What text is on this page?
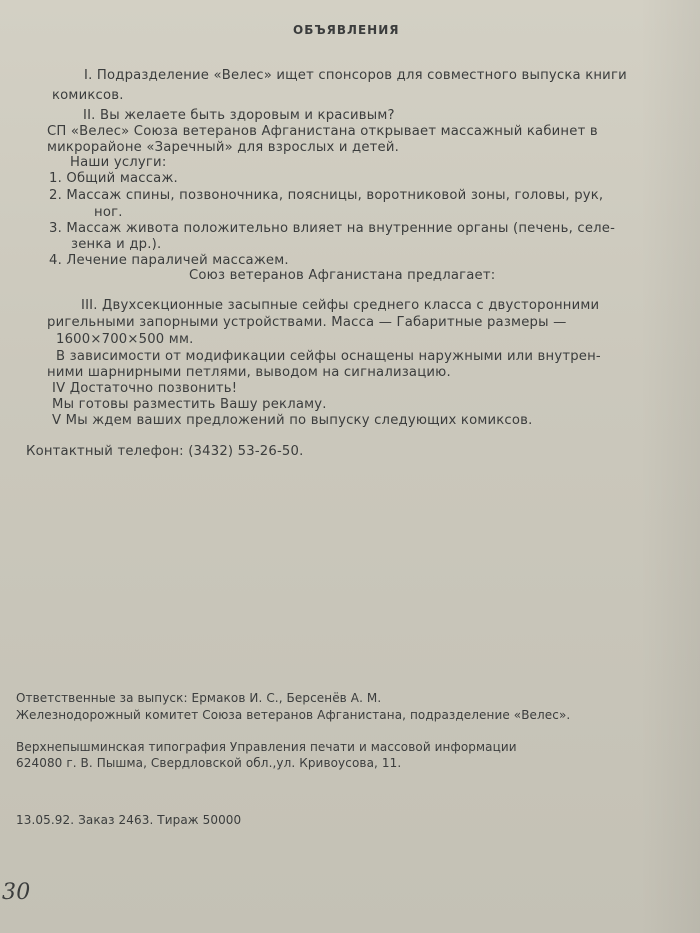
ОБЪЯВЛЕНИЯ
I. Подразделение «Велес» ищет спонсоров для совместного выпуска книги
комиксов.
II. Вы желаете быть здоровым и красивым?
СП «Велес» Союза ветеранов Афганистана открывает массажный кабинет в
микрорайоне «Заречный» для взрослых и детей.
Наши услуги:
1. Общий массаж.
2. Массаж спины, позвоночника, поясницы, воротниковой зоны, головы, рук,
ног.
3. Массаж живота положительно влияет на внутренние органы (печень, селе-
зенка и др.).
4. Лечение параличей массажем.
Союз ветеранов Афганистана предлагает:
III. Двухсекционные засыпные сейфы среднего класса с двусторонними
ригельными запорными устройствами. Масса — Габаритные размеры —
1600×700×500 мм.
В зависимости от модификации сейфы оснащены наружными или внутрен-
ними шарнирными петлями, выводом на сигнализацию.
IV Достаточно позвонить!
Мы готовы разместить Вашу рекламу.
V Мы ждем ваших предложений по выпуску следующих комиксов.
Контактный телефон: (3432) 53-26-50.
Ответственные за выпуск: Ермаков И. С., Берсенёв А. М.
Железнодорожный комитет Союза ветеранов Афганистана, подразделение «Велес».
Верхнепышминская типография Управления печати и массовой информации
624080 г. В. Пышма, Свердловской обл.,ул. Кривоусова, 11.
13.05.92. Заказ 2463. Тираж 50000
30
